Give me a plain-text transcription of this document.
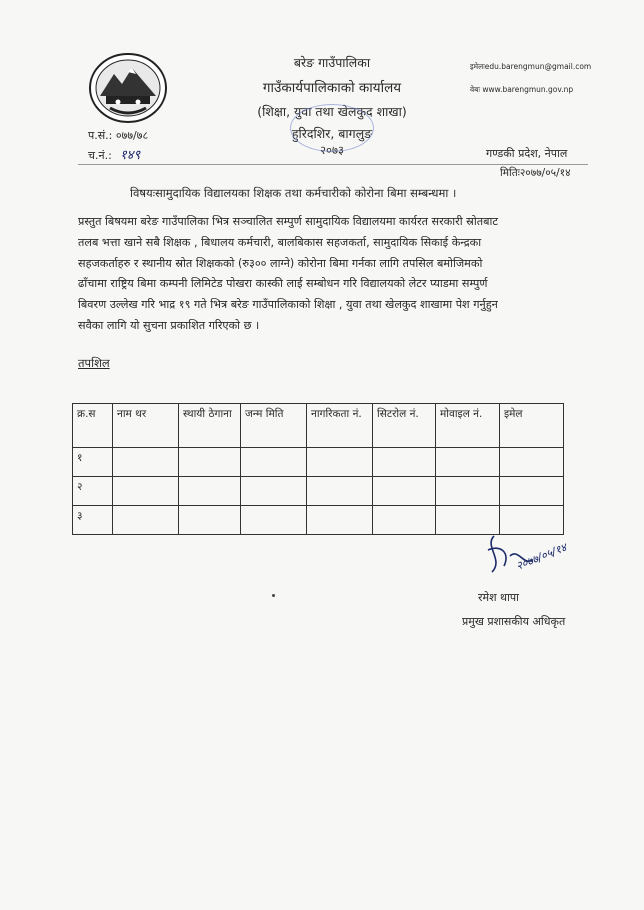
बरेङ गाउँपालिका
गाउँकार्यपालिकाको कार्यालय
(शिक्षा, युवा तथा खेलकुद शाखा)
हुरिदशिर, बागलुङ
२०७३
इमेलःedu.barengmun@gmail.com
वेबः www.barengmun.gov.np
गण्डकी प्रदेश, नेपाल
मितिः२०७७/०५/१४
प.सं.: ०७७/७८
च.नं.: १४९
विषयःसामुदायिक विद्यालयका शिक्षक तथा कर्मचारीको कोरोना बिमा सम्बन्धमा ।
प्रस्तुत बिषयमा बरेङ गाउँपालिका भित्र सञ्चालित सम्पुर्ण सामुदायिक विद्यालयमा कार्यरत सरकारी स्रोतबाट
तलब भत्ता खाने सबै शिक्षक , बिधालय कर्मचारी, बालबिकास सहजकर्ता, सामुदायिक सिकाई केन्द्रका
सहजकर्ताहरु र स्थानीय स्रोत शिक्षकको (रु३०० लाग्ने) कोरोना बिमा गर्नका लागि तपसिल बमोजिमको
ढाँचामा राष्ट्रिय बिमा कम्पनी लिमिटेड पोखरा कास्की लाई सम्बोधन गरि विद्यालयको लेटर प्याडमा सम्पुर्ण
बिवरण उल्लेख गरि भाद्र १९ गते भित्र बरेङ गाउँपालिकाको शिक्षा , युवा तथा खेलकुद शाखामा पेश गर्नुहुन
सवैका लागि यो सुचना प्रकाशित गरिएको छ ।
तपशिल
क्र.स	नाम थर	स्थायी ठेगाना	जन्म मिति	नागरिकता नं.	सिटरोल नं.	मोवाइल नं.	इमेल
१							
२							
३							
२०७७/०५/१४
रमेश थापा
प्रमुख प्रशासकीय अधिकृत
